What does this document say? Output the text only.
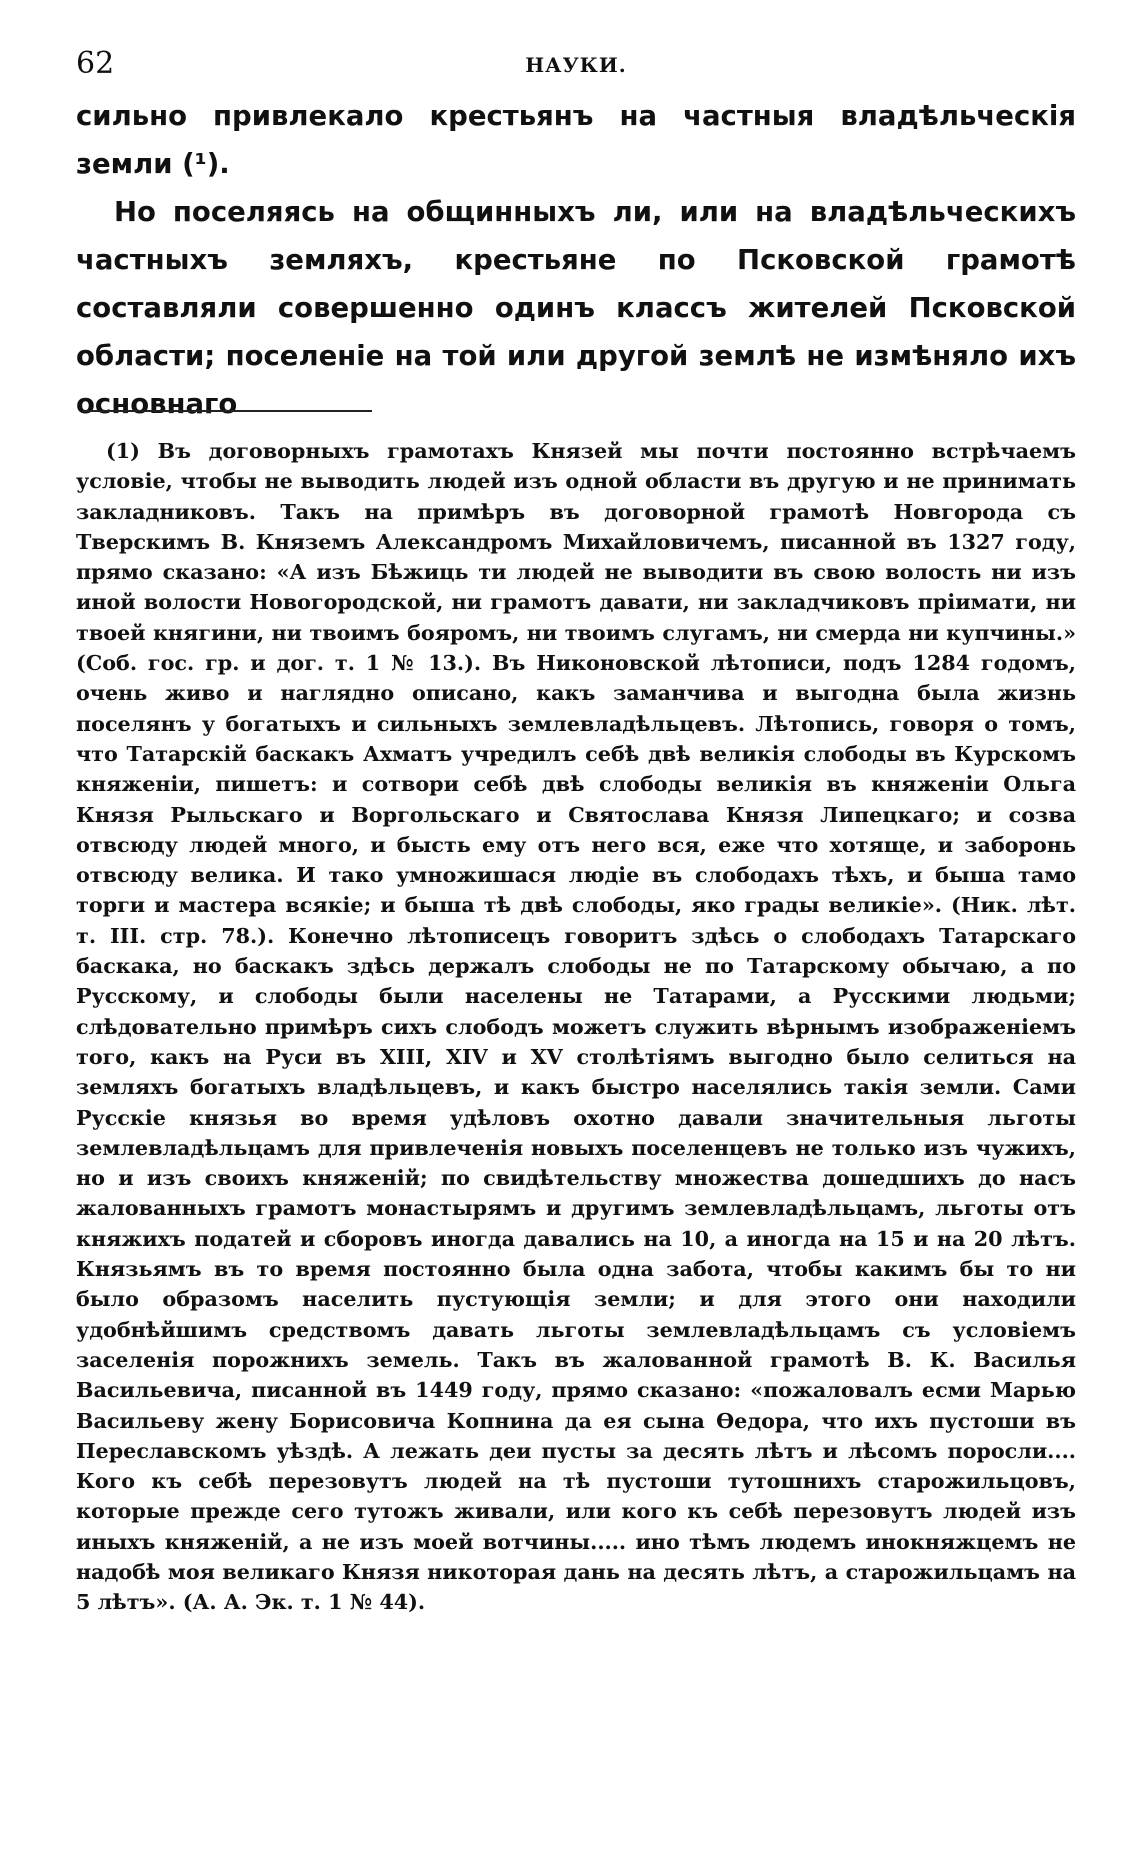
62	НАУКИ.

сильно привлекало крестьянъ на частныя владѣльческія земли (¹).

Но поселяясь на общинныхъ ли, или на владѣльческихъ частныхъ земляхъ, крестьяне по Псковской грамотѣ составляли совершенно одинъ классъ жителей Псковской области; поселеніе на той или другой землѣ не измѣняло ихъ основнаго

(1) Въ договорныхъ грамотахъ Князей мы почти постоянно встрѣчаемъ условіе, чтобы не выводить людей изъ одной области въ другую и не принимать закладниковъ. Такъ на примѣръ въ договорной грамотѣ Новгорода съ Тверскимъ В. Княземъ Александромъ Михайловичемъ, писанной въ 1327 году, прямо сказано: «А изъ Бѣжиць ти людей не выводити въ свою волость ни изъ иной волости Новогородской, ни грамотъ давати, ни закладчиковъ пріимати, ни твоей княгини, ни твоимъ бояромъ, ни твоимъ слугамъ, ни смерда ни купчины.» (Соб. гос. гр. и дог. т. 1 № 13.). Въ Никоновской лѣтописи, подъ 1284 годомъ, очень живо и наглядно описано, какъ заманчива и выгодна была жизнь поселянъ у богатыхъ и сильныхъ землевладѣльцевъ. Лѣтопись, говоря о томъ, что Татарскій баскакъ Ахматъ учредилъ себѣ двѣ великія слободы въ Курскомъ княженіи, пишетъ: и сотвори себѣ двѣ слободы великія въ княженіи Ольга Князя Рыльскаго и Воргольскаго и Святослава Князя Липецкаго; и созва отвсюду людей много, и бысть ему отъ него вся, еже что хотяще, и заборонь отвсюду велика. И тако умножишася людіе въ слободахъ тѣхъ, и быша тамо торги и мастера всякіе; и быша тѣ двѣ слободы, яко грады великіе». (Ник. лѣт. т. III. стр. 78.). Конечно лѣтописецъ говоритъ здѣсь о слободахъ Татарскаго баскака, но баскакъ здѣсь держалъ слободы не по Татарскому обычаю, а по Русскому, и слободы были населены не Татарами, а Русскими людьми; слѣдовательно примѣръ сихъ слободъ можетъ служить вѣрнымъ изображеніемъ того, какъ на Руси въ XIII, XIV и XV столѣтіямъ выгодно было селиться на земляхъ богатыхъ владѣльцевъ, и какъ быстро населялись такія земли. Сами Русскіе князья во время удѣловъ охотно давали значительныя льготы землевладѣльцамъ для привлеченія новыхъ поселенцевъ не только изъ чужихъ, но и изъ своихъ княженій; по свидѣтельству множества дошедшихъ до насъ жалованныхъ грамотъ монастырямъ и другимъ землевладѣльцамъ, льготы отъ княжихъ податей и сборовъ иногда давались на 10, а иногда на 15 и на 20 лѣтъ. Князьямъ въ то время постоянно была одна забота, чтобы какимъ бы то ни было образомъ населить пустующія земли; и для этого они находили удобнѣйшимъ средствомъ давать льготы землевладѣльцамъ съ условіемъ заселенія порожнихъ земель. Такъ въ жалованной грамотѣ В. К. Василья Васильевича, писанной въ 1449 году, прямо сказано: «пожаловалъ есми Марью Васильеву жену Борисовича Копнина да ея сына Ѳедора, что ихъ пустоши въ Переславскомъ уѣздѣ. А лежать деи пусты за десять лѣтъ и лѣсомъ поросли.... Кого къ себѣ перезовутъ людей на тѣ пустоши тутошнихъ старожильцовъ, которые прежде сего тутожъ живали, или кого къ себѣ перезовутъ людей изъ иныхъ княженій, а не изъ моей вотчины..... ино тѣмъ людемъ инокняжцемъ не надобѣ моя великаго Князя никоторая дань на десять лѣтъ, а старожильцамъ на 5 лѣтъ». (А. А. Эк. т. 1 № 44).
